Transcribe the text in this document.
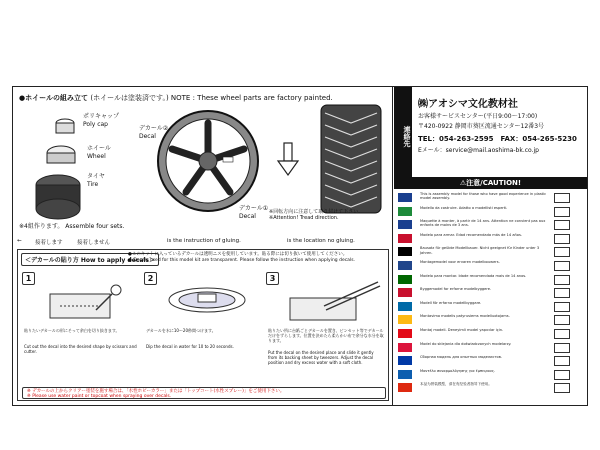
●ホイールの組み立て (ホイールは塗装済です。) NOTE : These wheel parts are factory painted.
ポリキャップ
Poly cap
ホイール
Wheel
タイヤ
Tire
デカール②
Decal
デカール①
Decal
※4組作ります。 Assemble four sets.
※回転方向に注意して取り付けて下さい。
※Attention! Tread direction.
← 接着します	接着しません	is the instruction of gluing.	is the location no gluing.
＜デカールの貼り方 How to apply decals＞
●このキットに入っているデカールは透明ニスを使用しています。貼る際には切り抜いて使用してください。
● Decals used for this model kit are transparent. Please follow the instruction when applying decals.
1
貼りたいデカールの形にそって余白を切り抜きます。
Cut out the decal into the desired shape by scissors and cutter.
2
デカールを水に10～20秒間つけます。
Dip the decal in water for 10 to 20 seconds.
3
貼りたい所に台紙ごとデカールを置き、ピンセット等でデカールだけをずらします。位置を決めたら柔らかい布で余分な水分を取ります。
Put the decal on the desired place and slide it gently from its backing sheet by tweezers. Adjust the decal position and dry excess water with a soft cloth.
※ デカールの上からクリアー塗装を施す場合は、「水性ホビーカラー」または「トップコート(水性スプレー)」をご使用下さい。
※ Please use water paint or topcoat when spraying over decals.
連絡先
㈱アオシマ文化教材社
お客様サービスセンター(平日9:00～17:00)
〒420-0922 静岡市葵区流通センター12番3号
TEL：054-263-2595　FAX：054-265-5230
Eメール：service@mail.aoshima-bk.co.jp
⚠注意/CAUTION!
This is assembly model for those who have good experience in plastic model assembly.
Modello da costruire. Adatto a modellisti esperti.
Maquette à monter, à partir de 14 ans. Attention ne convient pas aux enfants de moins de 3 ans.
Modelo para armar. Edad recomendada más de 14 años.
Bausatz für geübte Modellbauer. Nicht geeignet für Kinder unter 3 Jahren.
Montagemodel voor ervaren modelbouwers.
Modelo para montar. Idade recomendada mais de 14 anos.
Byggemodel for erfarne modelbyggere.
Modell för erfarna modellbyggare.
Montavimo modelis patyrusiems modeliuotojams.
Montaj modeli. Deneyimli model yapıcılar için.
Model do sklejania dla doświadczonych modelarzy.
Сборная модель для опытных моделистов.
Μοντέλο συναρμολόγησης για έμπειρους.
本品为拼装模型，请在有经验者指导下使用。
